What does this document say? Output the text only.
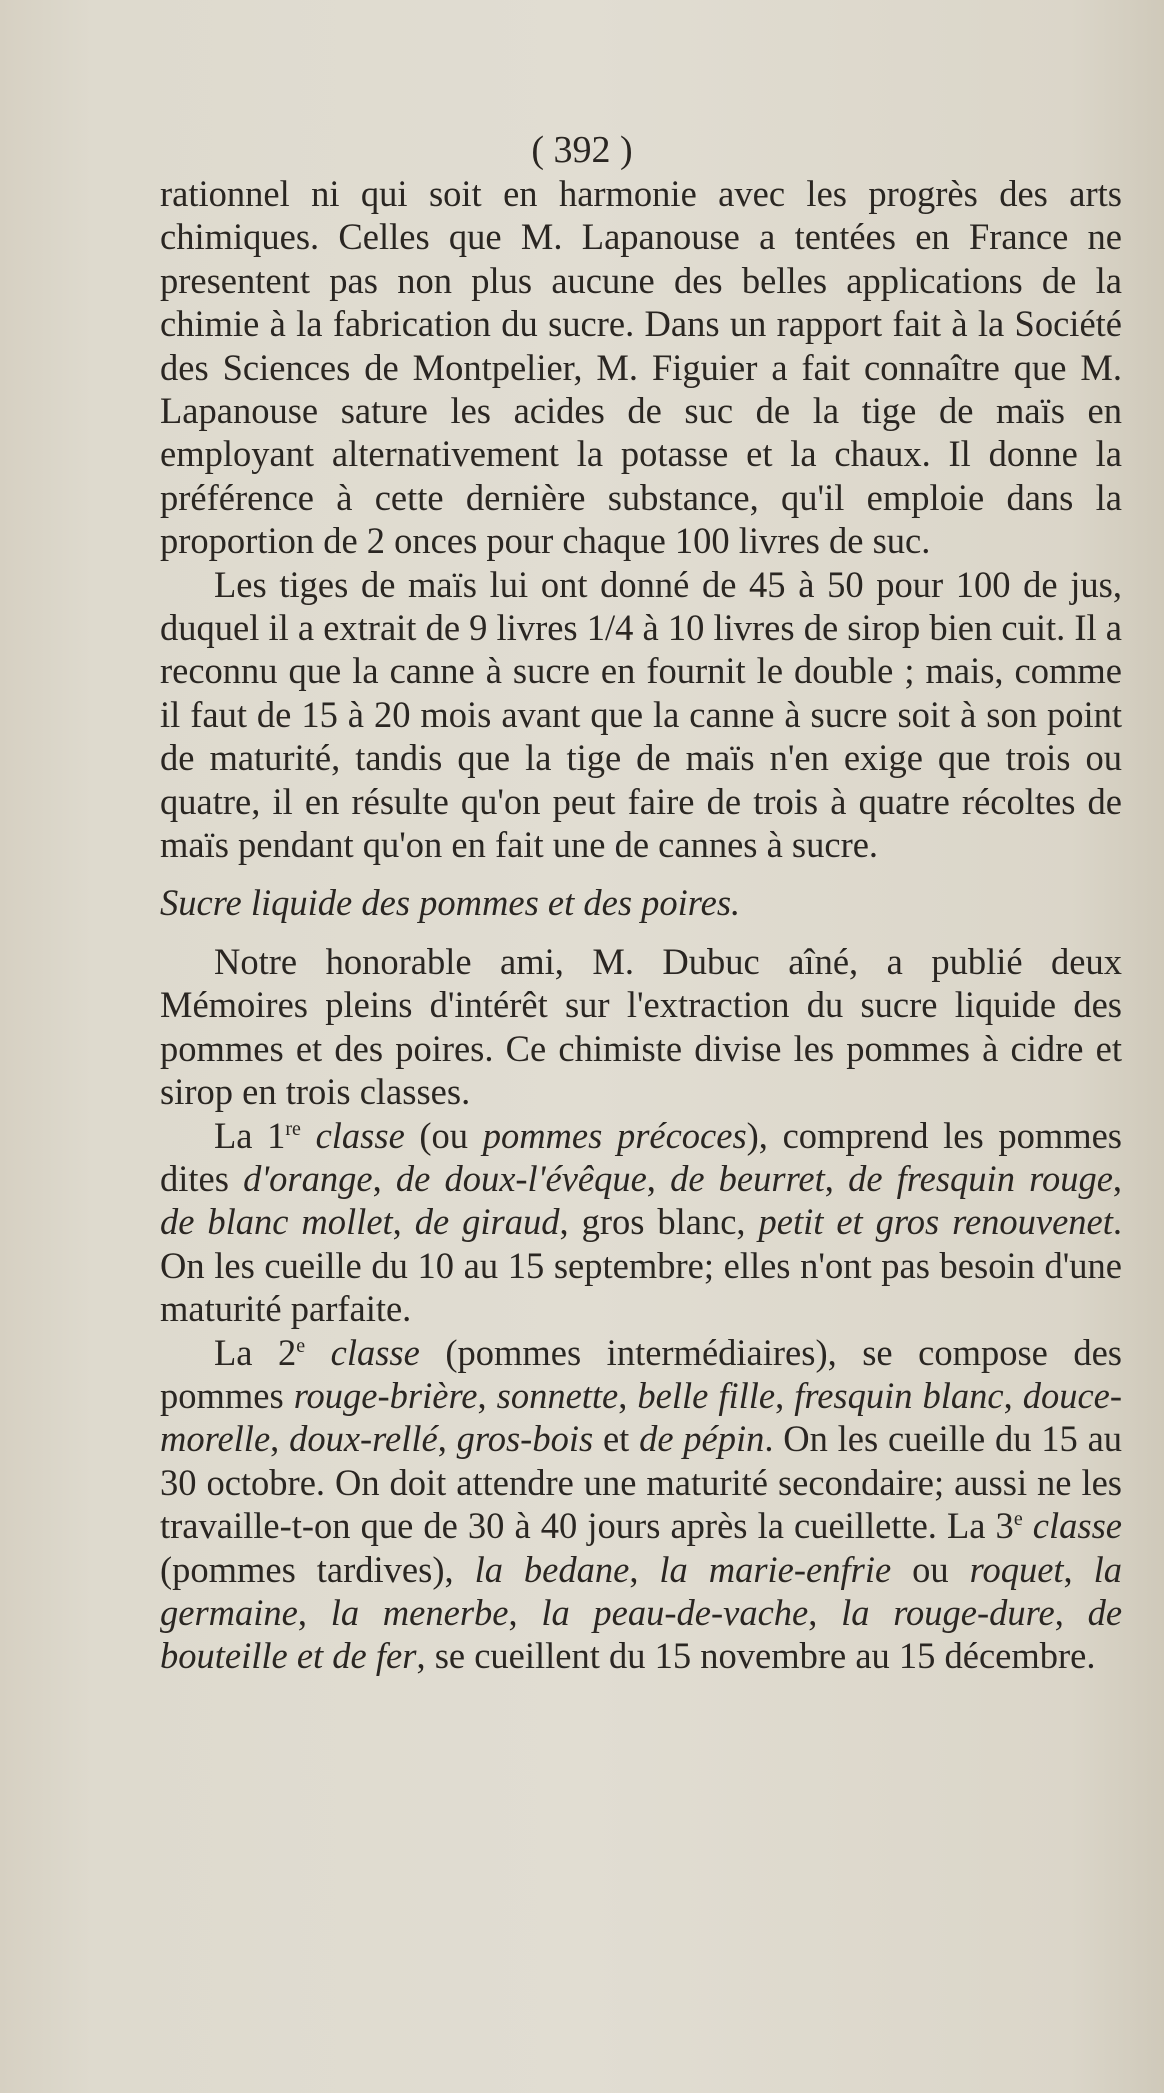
( 392 )

rationnel ni qui soit en harmonie avec les progrès des arts chimiques. Celles que M. Lapanouse a tentées en France ne presentent pas non plus aucune des belles applications de la chimie à la fabrication du sucre. Dans un rapport fait à la Société des Sciences de Montpelier, M. Figuier a fait connaître que M. Lapanouse sature les acides de suc de la tige de maïs en employant alternativement la potasse et la chaux. Il donne la préférence à cette dernière substance, qu'il emploie dans la proportion de 2 onces pour chaque 100 livres de suc.

Les tiges de maïs lui ont donné de 45 à 50 pour 100 de jus, duquel il a extrait de 9 livres 1/4 à 10 livres de sirop bien cuit. Il a reconnu que la canne à sucre en fournit le double ; mais, comme il faut de 15 à 20 mois avant que la canne à sucre soit à son point de maturité, tandis que la tige de maïs n'en exige que trois ou quatre, il en résulte qu'on peut faire de trois à quatre récoltes de maïs pendant qu'on en fait une de cannes à sucre.

Sucre liquide des pommes et des poires.

Notre honorable ami, M. Dubuc aîné, a publié deux Mémoires pleins d'intérêt sur l'extraction du sucre liquide des pommes et des poires. Ce chimiste divise les pommes à cidre et sirop en trois classes.

La 1re classe (ou pommes précoces), comprend les pommes dites d'orange, de doux-l'évêque, de beurret, de fresquin rouge, de blanc mollet, de giraud, gros blanc, petit et gros renouvenet. On les cueille du 10 au 15 septembre; elles n'ont pas besoin d'une maturité parfaite.

La 2e classe (pommes intermédiaires), se compose des pommes rouge-brière, sonnette, belle fille, fresquin blanc, douce-morelle, doux-rellé, gros-bois et de pépin. On les cueille du 15 au 30 octobre. On doit attendre une maturité secondaire; aussi ne les travaille-t-on que de 30 à 40 jours après la cueillette. La 3e classe (pommes tardives), la bedane, la marie-enfrie ou roquet, la germaine, la menerbe, la peau-de-vache, la rouge-dure, de bouteille et de fer, se cueillent du 15 novembre au 15 décembre.
